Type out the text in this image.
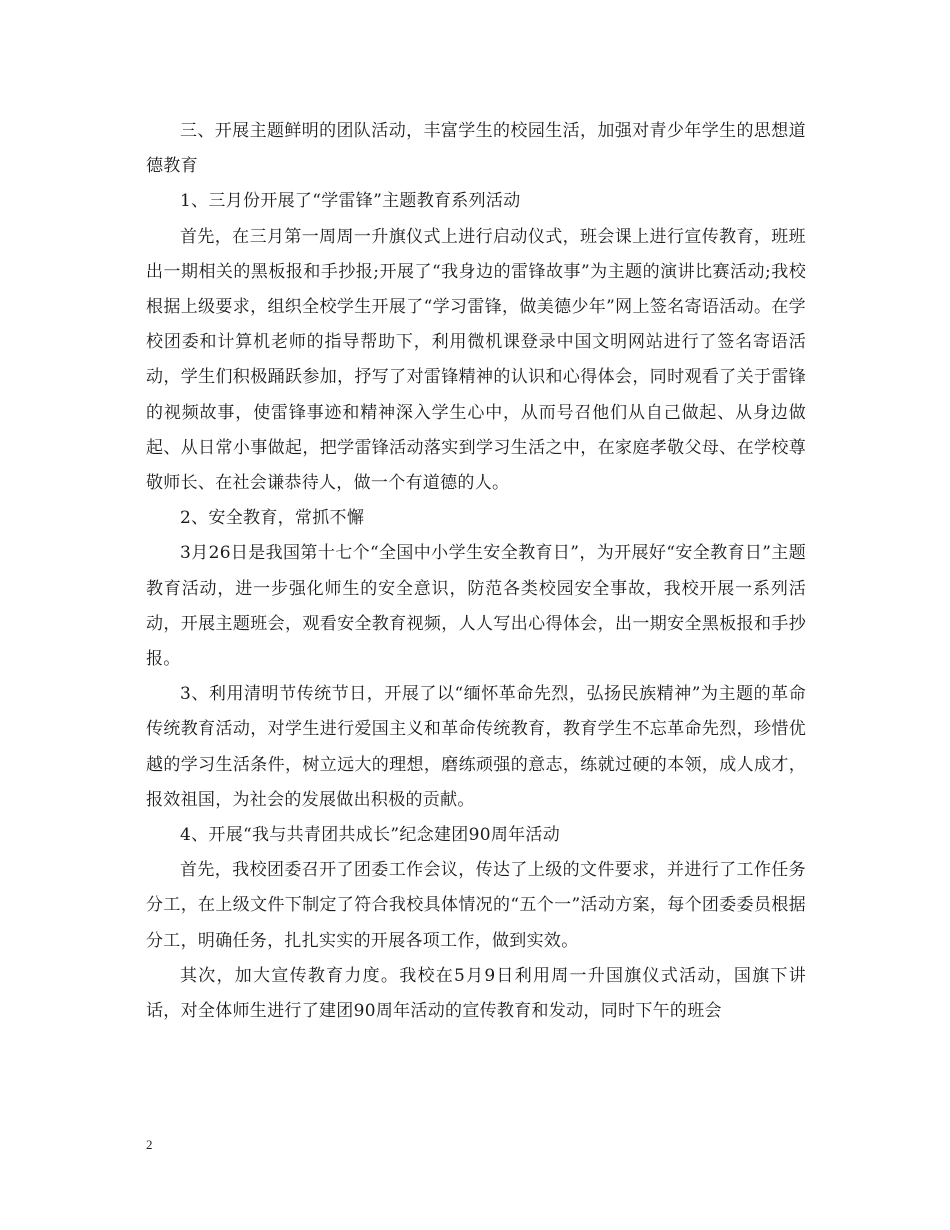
三、开展主题鲜明的团队活动，丰富学生的校园生活，加强对青少年学生的思想道德教育

1、三月份开展了“学雷锋”主题教育系列活动

首先，在三月第一周周一升旗仪式上进行启动仪式，班会课上进行宣传教育，班班出一期相关的黑板报和手抄报;开展了“我身边的雷锋故事”为主题的演讲比赛活动;我校根据上级要求，组织全校学生开展了“学习雷锋，做美德少年”网上签名寄语活动。在学校团委和计算机老师的指导帮助下，利用微机课登录中国文明网站进行了签名寄语活动，学生们积极踊跃参加，抒写了对雷锋精神的认识和心得体会，同时观看了关于雷锋的视频故事，使雷锋事迹和精神深入学生心中，从而号召他们从自己做起、从身边做起、从日常小事做起，把学雷锋活动落实到学习生活之中，在家庭孝敬父母、在学校尊敬师长、在社会谦恭待人，做一个有道德的人。

2、安全教育，常抓不懈

3月26日是我国第十七个“全国中小学生安全教育日”，为开展好“安全教育日”主题教育活动，进一步强化师生的安全意识，防范各类校园安全事故，我校开展一系列活动，开展主题班会，观看安全教育视频，人人写出心得体会，出一期安全黑板报和手抄报。

3、利用清明节传统节日，开展了以“缅怀革命先烈，弘扬民族精神”为主题的革命传统教育活动，对学生进行爱国主义和革命传统教育，教育学生不忘革命先烈，珍惜优越的学习生活条件，树立远大的理想，磨练顽强的意志，练就过硬的本领，成人成才，报效祖国，为社会的发展做出积极的贡献。

4、开展“我与共青团共成长”纪念建团90周年活动

首先，我校团委召开了团委工作会议，传达了上级的文件要求，并进行了工作任务分工，在上级文件下制定了符合我校具体情况的“五个一”活动方案，每个团委委员根据分工，明确任务，扎扎实实的开展各项工作，做到实效。

其次，加大宣传教育力度。我校在5月9日利用周一升国旗仪式活动，国旗下讲话，对全体师生进行了建团90周年活动的宣传教育和发动，同时下午的班会

2
